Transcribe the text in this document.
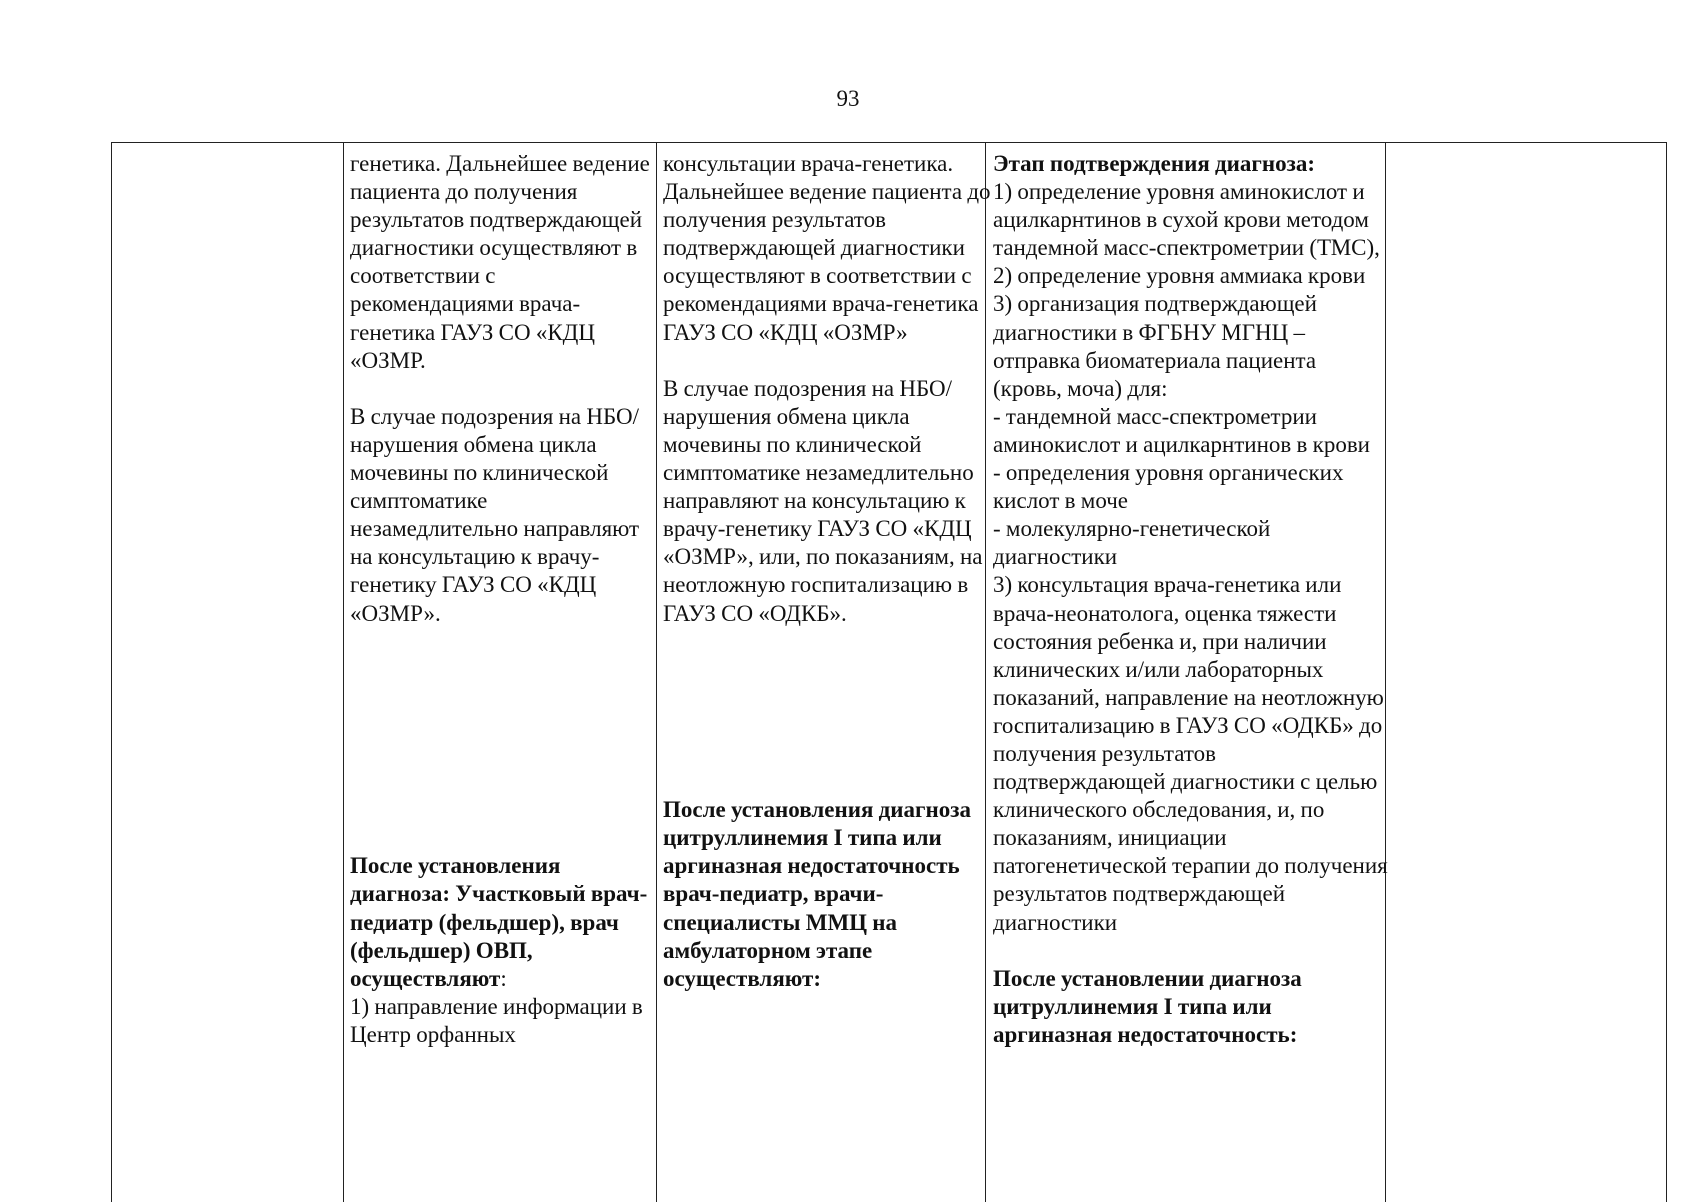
93

генетика. Дальнейшее ведение пациента до получения результатов подтверждающей диагностики осуществляют в соответствии с рекомендациями врача-генетика ГАУЗ СО «КДЦ «ОЗМР.

В случае подозрения на НБО/ нарушения обмена цикла мочевины по клинической симптоматике незамедлительно направляют на консультацию к врачу-генетику ГАУЗ СО «КДЦ «ОЗМР».

После установления диагноза: Участковый врач-педиатр (фельдшер), врач (фельдшер) ОВП, осуществляют:

1) направление информации в Центр орфанных

консультации врача-генетика. Дальнейшее ведение пациента до получения результатов подтверждающей диагностики осуществляют в соответствии с рекомендациями врача-генетика ГАУЗ СО «КДЦ «ОЗМР»

В случае подозрения на НБО/ нарушения обмена цикла мочевины по клинической симптоматике незамедлительно направляют на консультацию к врачу-генетику ГАУЗ СО «КДЦ «ОЗМР», или, по показаниям, на неотложную госпитализацию в ГАУЗ СО «ОДКБ».

После установления диагноза цитруллинемия I типа или аргиназная недостаточность врач-педиатр, врачи-специалисты ММЦ на амбулаторном этапе осуществляют:

Этап подтверждения диагноза:

1) определение уровня аминокислот и ацилкарнтинов в сухой крови методом тандемной масс-спектрометрии (ТМС),

2) определение уровня аммиака крови

3) организация подтверждающей диагностики в ФГБНУ МГНЦ – отправка биоматериала пациента (кровь, моча) для:

- тандемной масс-спектрометрии аминокислот и ацилкарнтинов в крови

- определения уровня органических кислот в моче

- молекулярно-генетической диагностики

3) консультация врача-генетика или врача-неонатолога, оценка тяжести состояния ребенка и, при наличии клинических и/или лабораторных показаний, направление на неотложную госпитализацию в ГАУЗ СО «ОДКБ» до получения результатов подтверждающей диагностики с целью клинического обследования, и, по показаниям, инициации патогенетической терапии до получения результатов подтверждающей диагностики

После установлении диагноза цитруллинемия I типа или аргиназная недостаточность:
